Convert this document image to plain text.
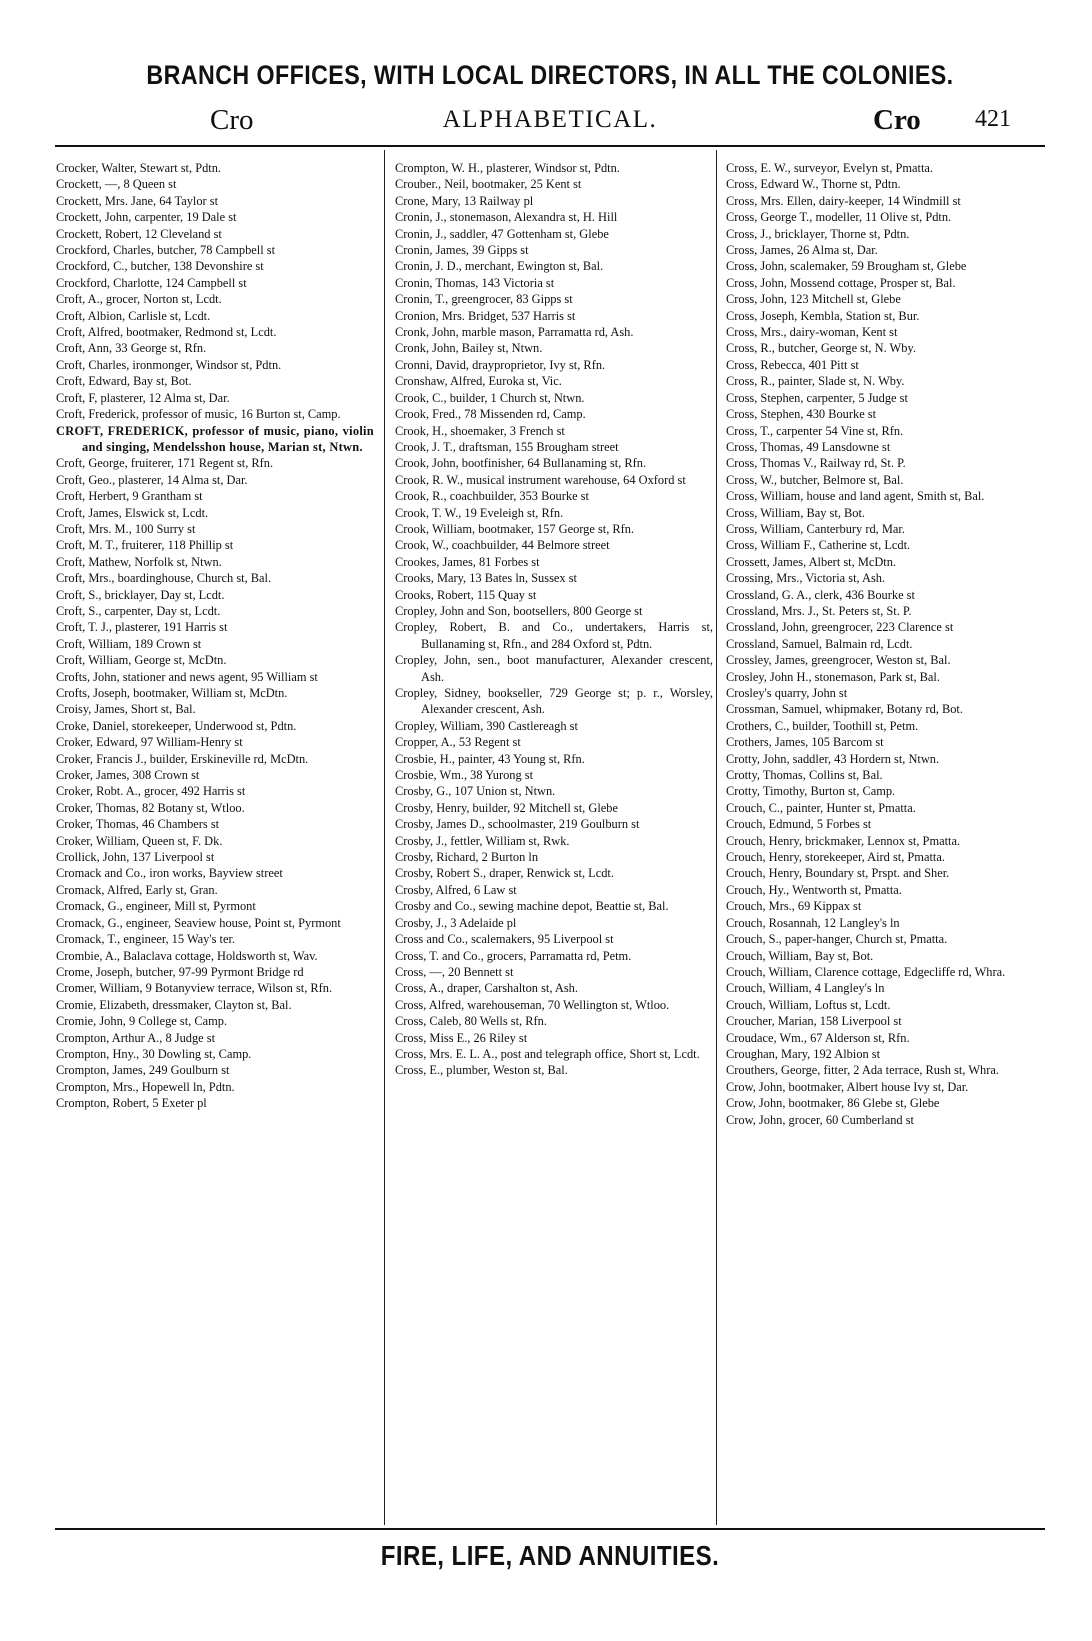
BRANCH OFFICES, WITH LOCAL DIRECTORS, IN ALL THE COLONIES.
Cro	ALPHABETICAL.	Cro 421
Crocker, Walter, Stewart st, Pdtn.
Crockett, —, 8 Queen st
Crockett, Mrs. Jane, 64 Taylor st
Crockett, John, carpenter, 19 Dale st
Crockett, Robert, 12 Cleveland st
Crockford, Charles, butcher, 78 Campbell st
Crockford, C., butcher, 138 Devonshire st
Crockford, Charlotte, 124 Campbell st
Croft, A., grocer, Norton st, Lcdt.
Croft, Albion, Carlisle st, Lcdt.
Croft, Alfred, bootmaker, Redmond st, Lcdt.
Croft, Ann, 33 George st, Rfn.
Croft, Charles, ironmonger, Windsor st, Pdtn.
Croft, Edward, Bay st, Bot.
Croft, F, plasterer, 12 Alma st, Dar.
Croft, Frederick, professor of music, 16 Burton st, Camp.
CROFT, FREDERICK, professor of music, piano, violin and singing, Mendelsshon house, Marian st, Ntwn.
Croft, George, fruiterer, 171 Regent st, Rfn.
Croft, Geo., plasterer, 14 Alma st, Dar.
Croft, Herbert, 9 Grantham st
Croft, James, Elswick st, Lcdt.
Croft, Mrs. M., 100 Surry st
Croft, M. T., fruiterer, 118 Phillip st
Croft, Mathew, Norfolk st, Ntwn.
Croft, Mrs., boardinghouse, Church st, Bal.
Croft, S., bricklayer, Day st, Lcdt.
Croft, S., carpenter, Day st, Lcdt.
Croft, T. J., plasterer, 191 Harris st
Croft, William, 189 Crown st
Croft, William, George st, McDtn.
Crofts, John, stationer and news agent, 95 William st
Crofts, Joseph, bootmaker, William st, McDtn.
Croisy, James, Short st, Bal.
Croke, Daniel, storekeeper, Underwood st, Pdtn.
Croker, Edward, 97 William-Henry st
Croker, Francis J., builder, Erskineville rd, McDtn.
Croker, James, 308 Crown st
Croker, Robt. A., grocer, 492 Harris st
Croker, Thomas, 82 Botany st, Wtloo.
Croker, Thomas, 46 Chambers st
Croker, William, Queen st, F. Dk.
Crollick, John, 137 Liverpool st
Cromack and Co., iron works, Bayview street
Cromack, Alfred, Early st, Gran.
Cromack, G., engineer, Mill st, Pyrmont
Cromack, G., engineer, Seaview house, Point st, Pyrmont
Cromack, T., engineer, 15 Way's ter.
Crombie, A., Balaclava cottage, Holdsworth st, Wav.
Crome, Joseph, butcher, 97-99 Pyrmont Bridge rd
Cromer, William, 9 Botanyview terrace, Wilson st, Rfn.
Cromie, Elizabeth, dressmaker, Clayton st, Bal.
Cromie, John, 9 College st, Camp.
Crompton, Arthur A., 8 Judge st
Crompton, Hny., 30 Dowling st, Camp.
Crompton, James, 249 Goulburn st
Crompton, Mrs., Hopewell ln, Pdtn.
Crompton, Robert, 5 Exeter pl
Crompton, W. H., plasterer, Windsor st, Pdtn.
Crouber., Neil, bootmaker, 25 Kent st
Crone, Mary, 13 Railway pl
Cronin, J., stonemason, Alexandra st, H. Hill
Cronin, J., saddler, 47 Gottenham st, Glebe
Cronin, James, 39 Gipps st
Cronin, J. D., merchant, Ewington st, Bal.
Cronin, Thomas, 143 Victoria st
Cronin, T., greengrocer, 83 Gipps st
Cronion, Mrs. Bridget, 537 Harris st
Cronk, John, marble mason, Parramatta rd, Ash.
Cronk, John, Bailey st, Ntwn.
Cronni, David, drayproprietor, Ivy st, Rfn.
Cronshaw, Alfred, Euroka st, Vic.
Crook, C., builder, 1 Church st, Ntwn.
Crook, Fred., 78 Missenden rd, Camp.
Crook, H., shoemaker, 3 French st
Crook, J. T., draftsman, 155 Brougham street
Crook, John, bootfinisher, 64 Bullanaming st, Rfn.
Crook, R. W., musical instrument warehouse, 64 Oxford st
Crook, R., coachbuilder, 353 Bourke st
Crook, T. W., 19 Eveleigh st, Rfn.
Crook, William, bootmaker, 157 George st, Rfn.
Crook, W., coachbuilder, 44 Belmore street
Crookes, James, 81 Forbes st
Crooks, Mary, 13 Bates ln, Sussex st
Crooks, Robert, 115 Quay st
Cropley, John and Son, bootsellers, 800 George st
Cropley, Robert, B. and Co., undertakers, Harris st, Bullanaming st, Rfn., and 284 Oxford st, Pdtn.
Cropley, John, sen., boot manufacturer, Alexander crescent, Ash.
Cropley, Sidney, bookseller, 729 George st; p. r., Worsley, Alexander crescent, Ash.
Cropley, William, 390 Castlereagh st
Cropper, A., 53 Regent st
Crosbie, H., painter, 43 Young st, Rfn.
Crosbie, Wm., 38 Yurong st
Crosby, G., 107 Union st, Ntwn.
Crosby, Henry, builder, 92 Mitchell st, Glebe
Crosby, James D., schoolmaster, 219 Goulburn st
Crosby, J., fettler, William st, Rwk.
Crosby, Richard, 2 Burton ln
Crosby, Robert S., draper, Renwick st, Lcdt.
Crosby, Alfred, 6 Law st
Crosby and Co., sewing machine depot, Beattie st, Bal.
Crosby, J., 3 Adelaide pl
Cross and Co., scalemakers, 95 Liverpool st
Cross, T. and Co., grocers, Parramatta rd, Petm.
Cross, —, 20 Bennett st
Cross, A., draper, Carshalton st, Ash.
Cross, Alfred, warehouseman, 70 Wellington st, Wtloo.
Cross, Caleb, 80 Wells st, Rfn.
Cross, Miss E., 26 Riley st
Cross, Mrs. E. L. A., post and telegraph office, Short st, Lcdt.
Cross, E., plumber, Weston st, Bal.
Cross, E. W., surveyor, Evelyn st, Pmatta.
Cross, Edward W., Thorne st, Pdtn.
Cross, Mrs. Ellen, dairy-keeper, 14 Windmill st
Cross, George T., modeller, 11 Olive st, Pdtn.
Cross, J., bricklayer, Thorne st, Pdtn.
Cross, James, 26 Alma st, Dar.
Cross, John, scalemaker, 59 Brougham st, Glebe
Cross, John, Mossend cottage, Prosper st, Bal.
Cross, John, 123 Mitchell st, Glebe
Cross, Joseph, Kembla, Station st, Bur.
Cross, Mrs., dairy-woman, Kent st
Cross, R., butcher, George st, N. Wby.
Cross, Rebecca, 401 Pitt st
Cross, R., painter, Slade st, N. Wby.
Cross, Stephen, carpenter, 5 Judge st
Cross, Stephen, 430 Bourke st
Cross, T., carpenter 54 Vine st, Rfn.
Cross, Thomas, 49 Lansdowne st
Cross, Thomas V., Railway rd, St. P.
Cross, W., butcher, Belmore st, Bal.
Cross, William, house and land agent, Smith st, Bal.
Cross, William, Bay st, Bot.
Cross, William, Canterbury rd, Mar.
Cross, William F., Catherine st, Lcdt.
Crossett, James, Albert st, McDtn.
Crossing, Mrs., Victoria st, Ash.
Crossland, G. A., clerk, 436 Bourke st
Crossland, Mrs. J., St. Peters st, St. P.
Crossland, John, greengrocer, 223 Clarence st
Crossland, Samuel, Balmain rd, Lcdt.
Crossley, James, greengrocer, Weston st, Bal.
Crosley, John H., stonemason, Park st, Bal.
Crosley's quarry, John st
Crossman, Samuel, whipmaker, Botany rd, Bot.
Crothers, C., builder, Toothill st, Petm.
Crothers, James, 105 Barcom st
Crotty, John, saddler, 43 Hordern st, Ntwn.
Crotty, Thomas, Collins st, Bal.
Crotty, Timothy, Burton st, Camp.
Crouch, C., painter, Hunter st, Pmatta.
Crouch, Edmund, 5 Forbes st
Crouch, Henry, brickmaker, Lennox st, Pmatta.
Crouch, Henry, storekeeper, Aird st, Pmatta.
Crouch, Henry, Boundary st, Prspt. and Sher.
Crouch, Hy., Wentworth st, Pmatta.
Crouch, Mrs., 69 Kippax st
Crouch, Rosannah, 12 Langley's ln
Crouch, S., paper-hanger, Church st, Pmatta.
Crouch, William, Bay st, Bot.
Crouch, William, Clarence cottage, Edgecliffe rd, Whra.
Crouch, William, 4 Langley's ln
Crouch, William, Loftus st, Lcdt.
Croucher, Marian, 158 Liverpool st
Croudace, Wm., 67 Alderson st, Rfn.
Croughan, Mary, 192 Albion st
Crouthers, George, fitter, 2 Ada terrace, Rush st, Whra.
Crow, John, bootmaker, Albert house Ivy st, Dar.
Crow, John, bootmaker, 86 Glebe st, Glebe
Crow, John, grocer, 60 Cumberland st
FIRE, LIFE, AND ANNUITIES.
